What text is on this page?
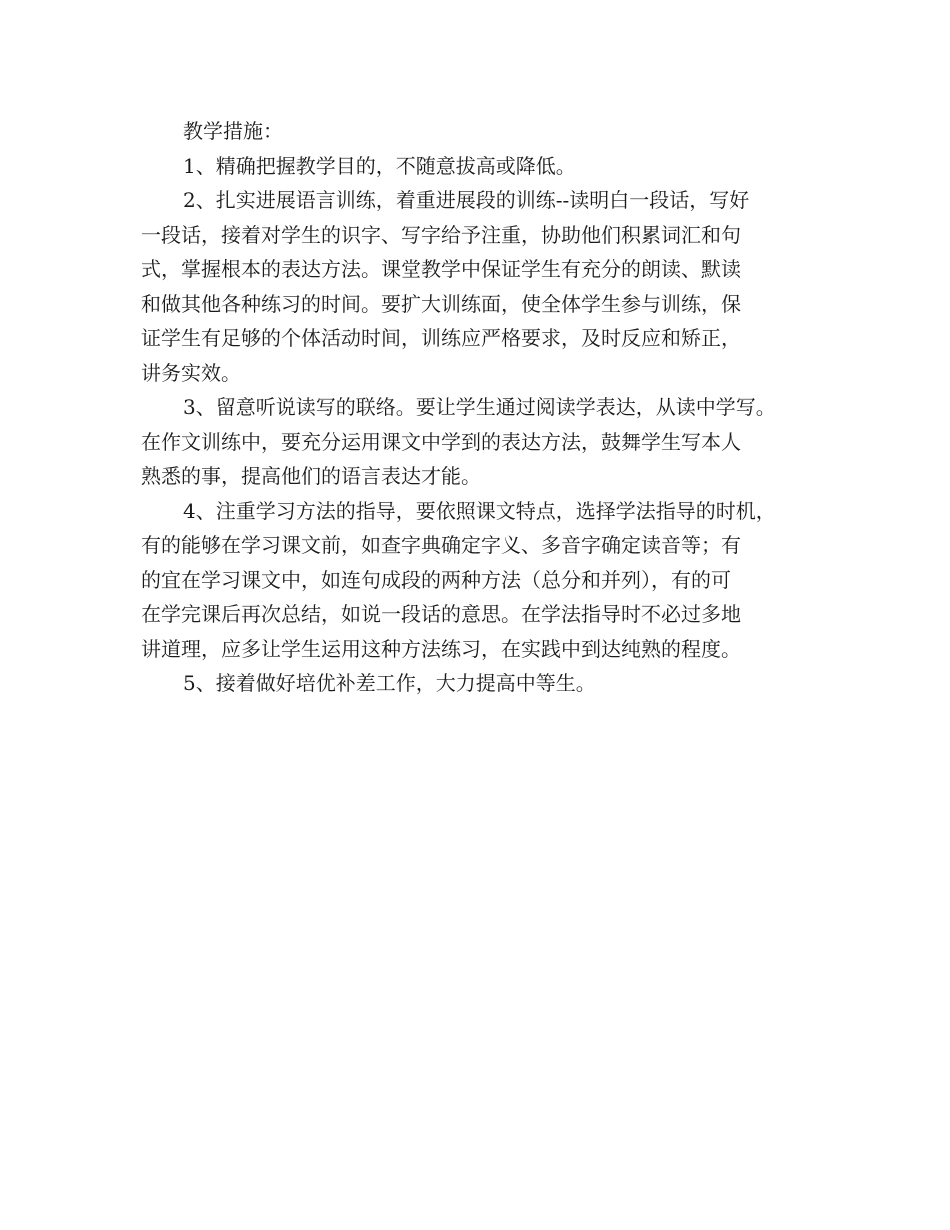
教学措施：
1、精确把握教学目的，不随意拔高或降低。
2、扎实进展语言训练，着重进展段的训练--读明白一段话，写好
一段话，接着对学生的识字、写字给予注重，协助他们积累词汇和句
式，掌握根本的表达方法。课堂教学中保证学生有充分的朗读、默读
和做其他各种练习的时间。要扩大训练面，使全体学生参与训练，保
证学生有足够的个体活动时间，训练应严格要求，及时反应和矫正，
讲务实效。
3、留意听说读写的联络。要让学生通过阅读学表达，从读中学写。
在作文训练中，要充分运用课文中学到的表达方法，鼓舞学生写本人
熟悉的事，提高他们的语言表达才能。
4、注重学习方法的指导，要依照课文特点，选择学法指导的时机，
有的能够在学习课文前，如查字典确定字义、多音字确定读音等；有
的宜在学习课文中，如连句成段的两种方法（总分和并列），有的可
在学完课后再次总结，如说一段话的意思。在学法指导时不必过多地
讲道理，应多让学生运用这种方法练习，在实践中到达纯熟的程度。
5、接着做好培优补差工作，大力提高中等生。
